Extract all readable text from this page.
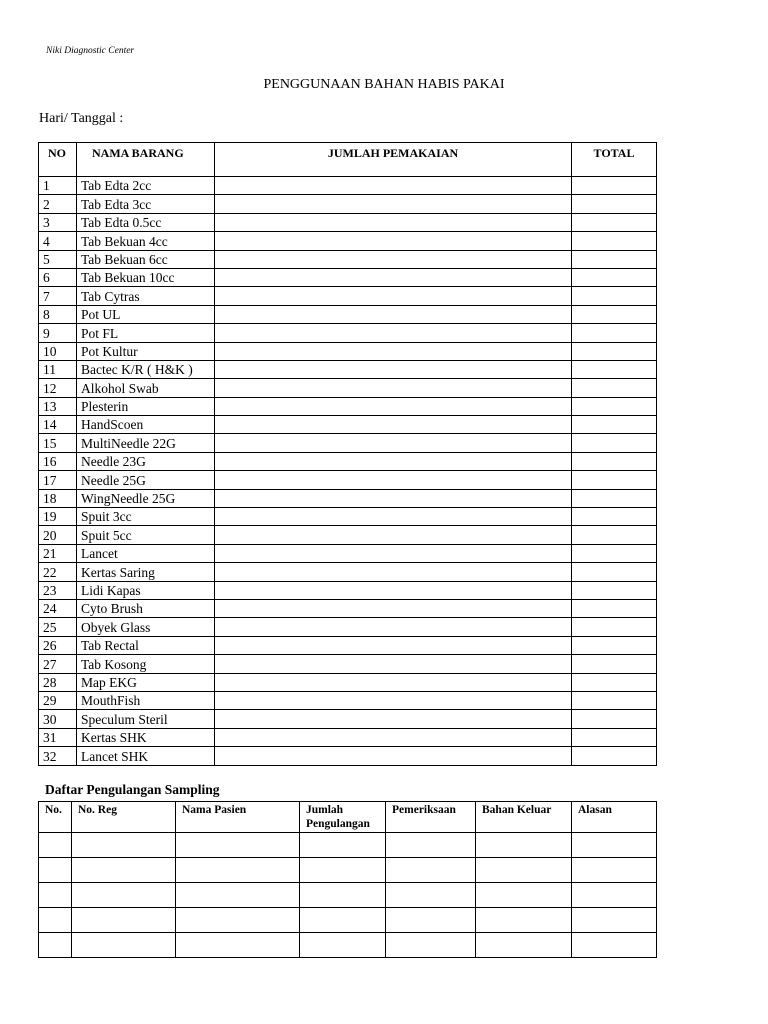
Niki Diagnostic Center
PENGGUNAAN BAHAN HABIS PAKAI
Hari/ Tanggal :
NO	NAMA BARANG	JUMLAH PEMAKAIAN	TOTAL
1	Tab Edta 2cc		
2	Tab Edta 3cc		
3	Tab Edta 0.5cc		
4	Tab Bekuan 4cc		
5	Tab Bekuan 6cc		
6	Tab Bekuan 10cc		
7	Tab Cytras		
8	Pot UL		
9	Pot FL		
10	Pot Kultur		
11	Bactec K/R ( H&K )		
12	Alkohol Swab		
13	Plesterin		
14	HandScoen		
15	MultiNeedle 22G		
16	Needle 23G		
17	Needle 25G		
18	WingNeedle 25G		
19	Spuit 3cc		
20	Spuit 5cc		
21	Lancet		
22	Kertas Saring		
23	Lidi Kapas		
24	Cyto Brush		
25	Obyek Glass		
26	Tab Rectal		
27	Tab Kosong		
28	Map EKG		
29	MouthFish		
30	Speculum Steril		
31	Kertas SHK		
32	Lancet SHK		
Daftar Pengulangan Sampling
No.	No. Reg	Nama Pasien	Jumlah Pengulangan	Pemeriksaan	Bahan Keluar	Alasan
